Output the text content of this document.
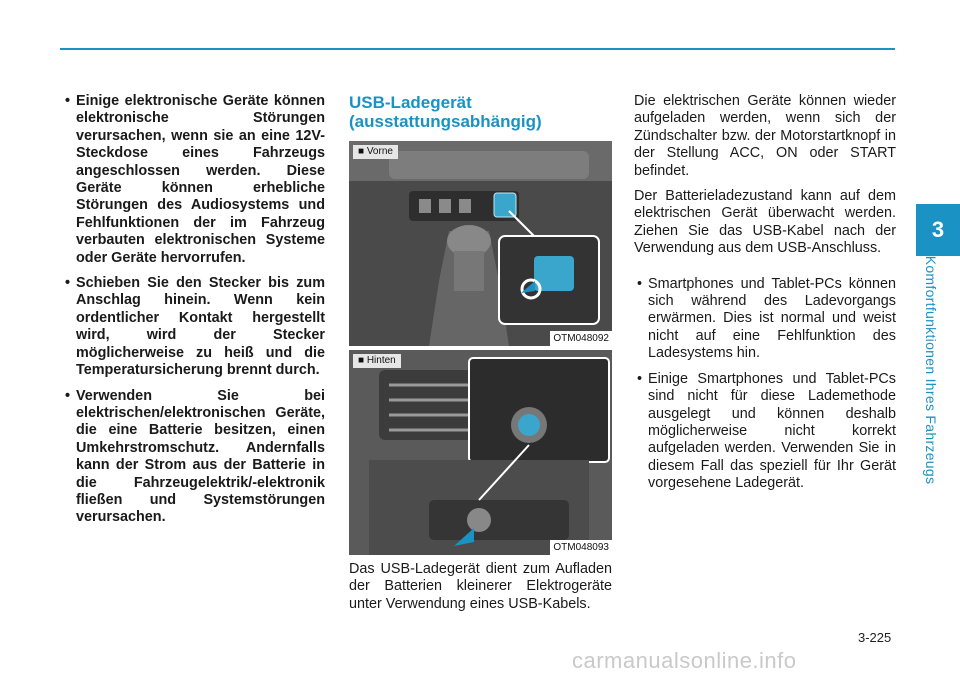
3
Komfortfunktionen Ihres Fahrzeugs
• Einige elektronische Geräte können elektronische Störungen verursachen, wenn sie an eine 12V-Steckdose eines Fahrzeugs angeschlossen werden. Diese Geräte können erhebliche Störungen des Audiosystems und Fehlfunktionen der im Fahrzeug verbauten elektronischen Systeme oder Geräte hervorrufen.
• Schieben Sie den Stecker bis zum Anschlag hinein. Wenn kein ordentlicher Kontakt hergestellt wird, wird der Stecker möglicherweise zu heiß und die Temperatursicherung brennt durch.
• Verwenden Sie bei elektrischen/elektronischen Geräte, die eine Batterie besitzen, einen Umkehrstromschutz. Andernfalls kann der Strom aus der Batterie in die Fahrzeugelektrik/-elektronik fließen und Systemstörungen verursachen.
USB-Ladegerät (ausstattungsabhängig)
■ Vorne
OTM048092
■ Hinten
OTM048093

Das USB-Ladegerät dient zum Aufladen der Batterien kleinerer Elektrogeräte unter Verwendung eines USB-Kabels.

Die elektrischen Geräte können wieder aufgeladen werden, wenn sich der Zündschalter bzw. der Motorstartknopf in der Stellung ACC, ON oder START befindet.

Der Batterieladezustand kann auf dem elektrischen Gerät überwacht werden. Ziehen Sie das USB-Kabel nach der Verwendung aus dem USB-Anschluss.

• Smartphones und Tablet-PCs können sich während des Ladevorgangs erwärmen. Dies ist normal und weist nicht auf eine Fehlfunktion des Ladesystems hin.
• Einige Smartphones und Tablet-PCs sind nicht für diese Lademethode ausgelegt und können deshalb möglicherweise nicht korrekt aufgeladen werden. Verwenden Sie in diesem Fall das speziell für Ihr Gerät vorgesehene Ladegerät.
3-225
carmanualsonline.info
